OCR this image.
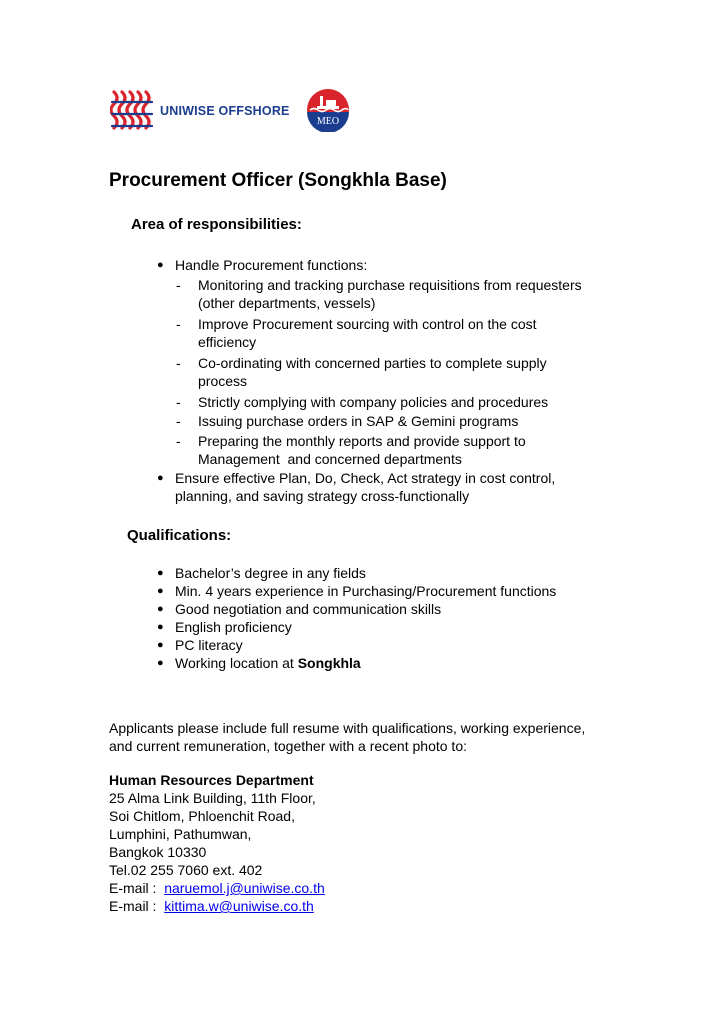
UNIWISE OFFSHORE
MEO
Procurement Officer (Songkhla Base)
Area of responsibilities:
● Handle Procurement functions:
- Monitoring and tracking purchase requisitions from requesters
(other departments, vessels)
- Improve Procurement sourcing with control on the cost
efficiency
- Co-ordinating with concerned parties to complete supply
process
- Strictly complying with company policies and procedures
- Issuing purchase orders in SAP & Gemini programs
- Preparing the monthly reports and provide support to
Management  and concerned departments
● Ensure effective Plan, Do, Check, Act strategy in cost control,
planning, and saving strategy cross-functionally
Qualifications:
● Bachelor’s degree in any fields
● Min. 4 years experience in Purchasing/Procurement functions
● Good negotiation and communication skills
● English proficiency
● PC literacy
● Working location at Songkhla
Applicants please include full resume with qualifications, working experience,
and current remuneration, together with a recent photo to:
Human Resources Department
25 Alma Link Building, 11th Floor,
Soi Chitlom, Phloenchit Road,
Lumphini, Pathumwan,
Bangkok 10330
Tel.02 255 7060 ext. 402
E-mail :  naruemol.j@uniwise.co.th
E-mail :  kittima.w@uniwise.co.th
